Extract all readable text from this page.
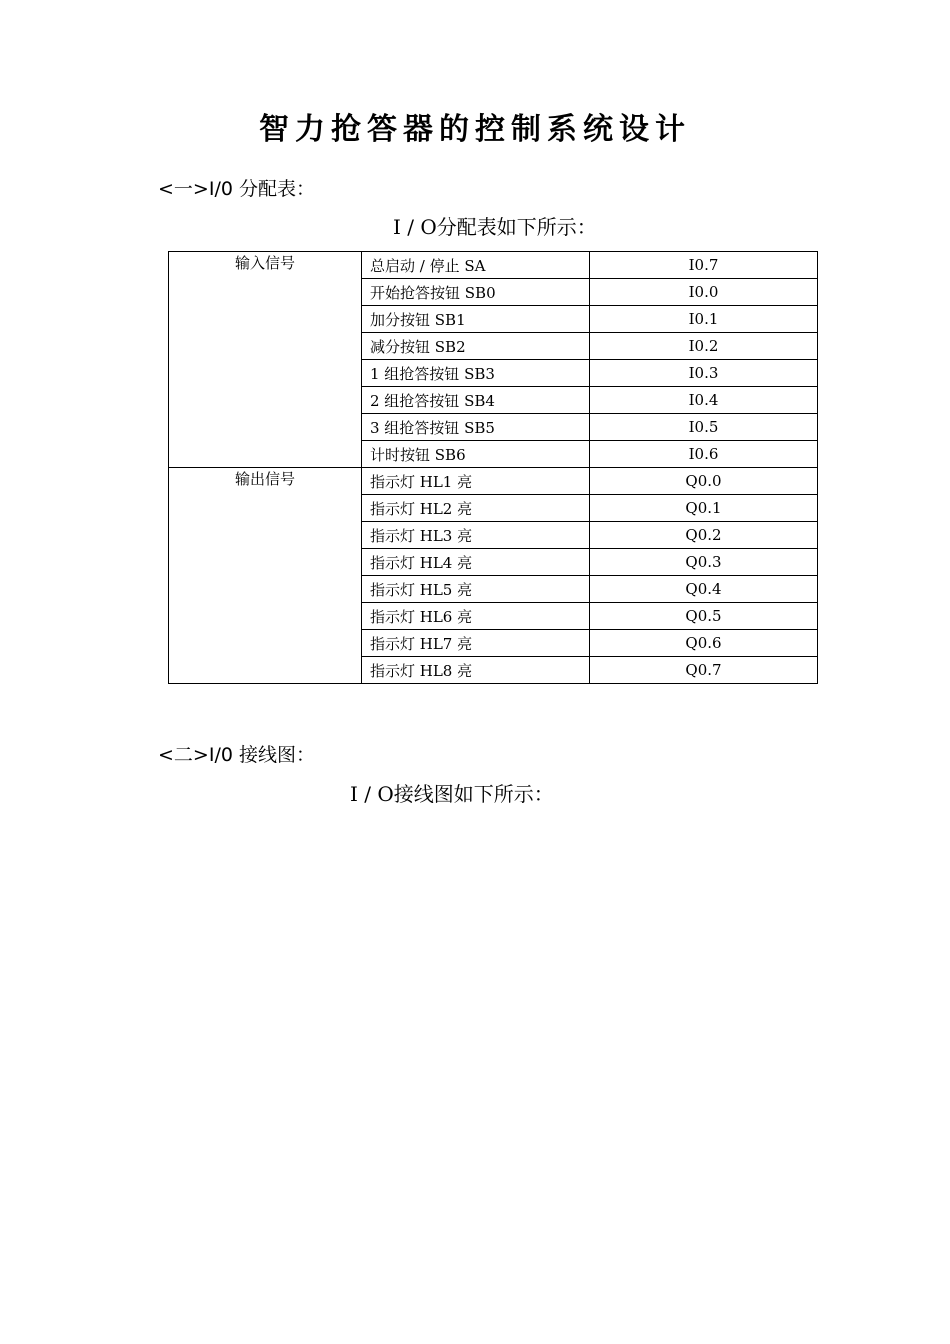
智力抢答器的控制系统设计
<一>I/0 分配表：
I / O分配表如下所示：
输入信号	总启动 / 停止 SA	I0.7
	开始抢答按钮 SB0	I0.0
	加分按钮 SB1	I0.1
	减分按钮 SB2	I0.2
	1 组抢答按钮 SB3	I0.3
	2 组抢答按钮 SB4	I0.4
	3 组抢答按钮 SB5	I0.5
	计时按钮 SB6	I0.6
输出信号	指示灯 HL1 亮	Q0.0
	指示灯 HL2 亮	Q0.1
	指示灯 HL3 亮	Q0.2
	指示灯 HL4 亮	Q0.3
	指示灯 HL5 亮	Q0.4
	指示灯 HL6 亮	Q0.5
	指示灯 HL7 亮	Q0.6
	指示灯 HL8 亮	Q0.7
<二>I/0 接线图：
I / O接线图如下所示：
